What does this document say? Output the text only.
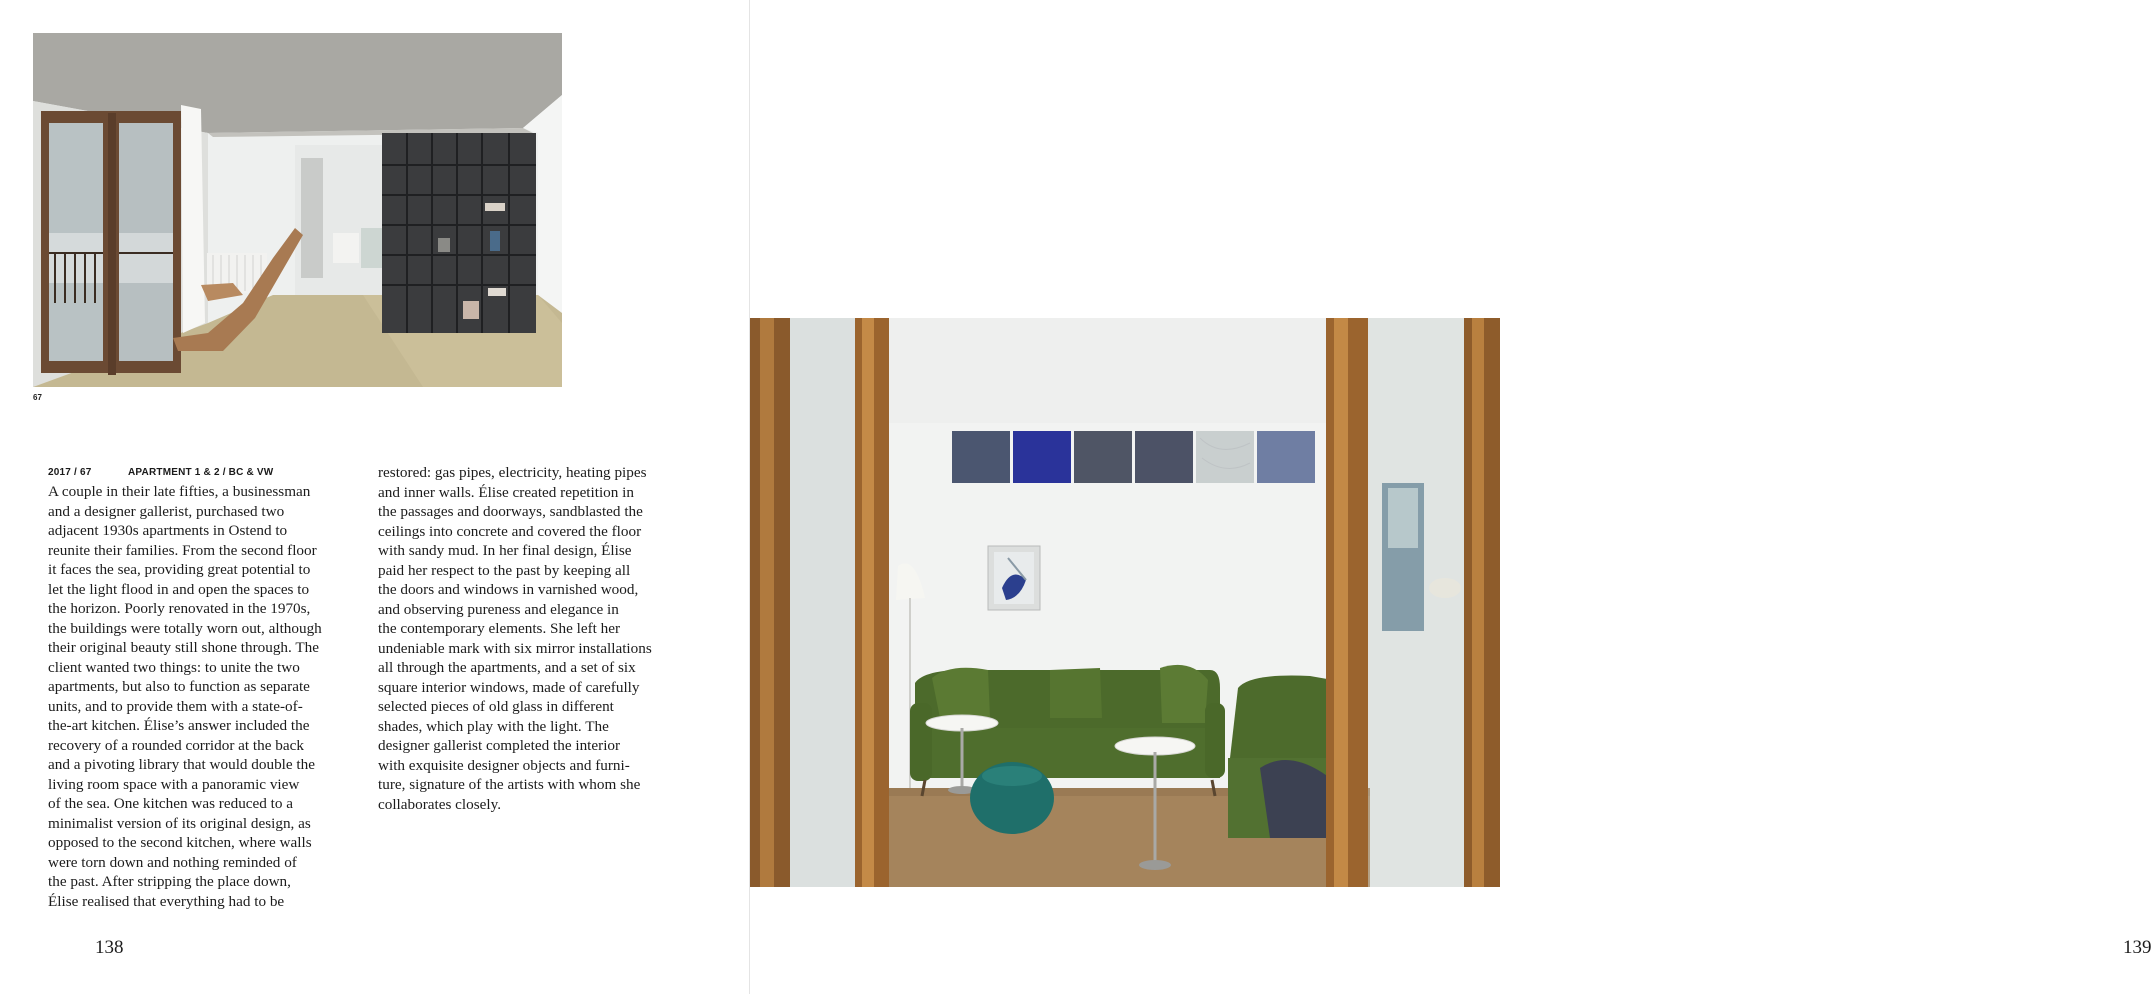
67
2017 / 67	APARTMENT 1 & 2 / BC & VW
A couple in their late fifties, a businessman
and a designer gallerist, purchased two
adjacent 1930s apartments in Ostend to
reunite their families. From the second floor
it faces the sea, providing great potential to
let the light flood in and open the spaces to
the horizon. Poorly renovated in the 1970s,
the buildings were totally worn out, although
their original beauty still shone through. The
client wanted two things: to unite the two
apartments, but also to function as separate
units, and to provide them with a state-of-
the-art kitchen. Élise’s answer included the
recovery of a rounded corridor at the back
and a pivoting library that would double the
living room space with a panoramic view
of the sea. One kitchen was reduced to a
minimalist version of its original design, as
opposed to the second kitchen, where walls
were torn down and nothing reminded of
the past. After stripping the place down,
Élise realised that everything had to be
restored: gas pipes, electricity, heating pipes
and inner walls. Élise created repetition in
the passages and doorways, sandblasted the
ceilings into concrete and covered the floor
with sandy mud. In her final design, Élise
paid her respect to the past by keeping all
the doors and windows in varnished wood,
and observing pureness and elegance in
the contemporary elements. She left her
undeniable mark with six mirror installations
all through the apartments, and a set of six
square interior windows, made of carefully
selected pieces of old glass in different
shades, which play with the light. The
designer gallerist completed the interior
with exquisite designer objects and furni-
ture, signature of the artists with whom she
collaborates closely.
138	139
